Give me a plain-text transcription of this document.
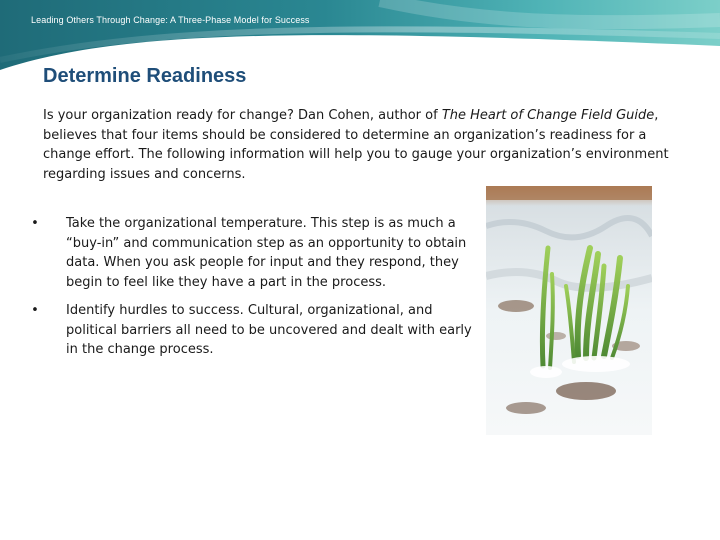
Leading Others Through Change: A Three-Phase Model for Success
Determine Readiness

Is your organization ready for change? Dan Cohen, author of The Heart of Change Field Guide, believes that four items should be considered to determine an organization’s readiness for a change effort. The following information will help you to gauge your organization’s environment regarding issues and concerns.

• Take the organizational temperature. This step is as much a “buy-in” and communication step as an opportunity to obtain data. When you ask people for input and they respond, they begin to feel like they have a part in the process.
• Identify hurdles to success. Cultural, organizational, and political barriers all need to be uncovered and dealt with early in the change process.
